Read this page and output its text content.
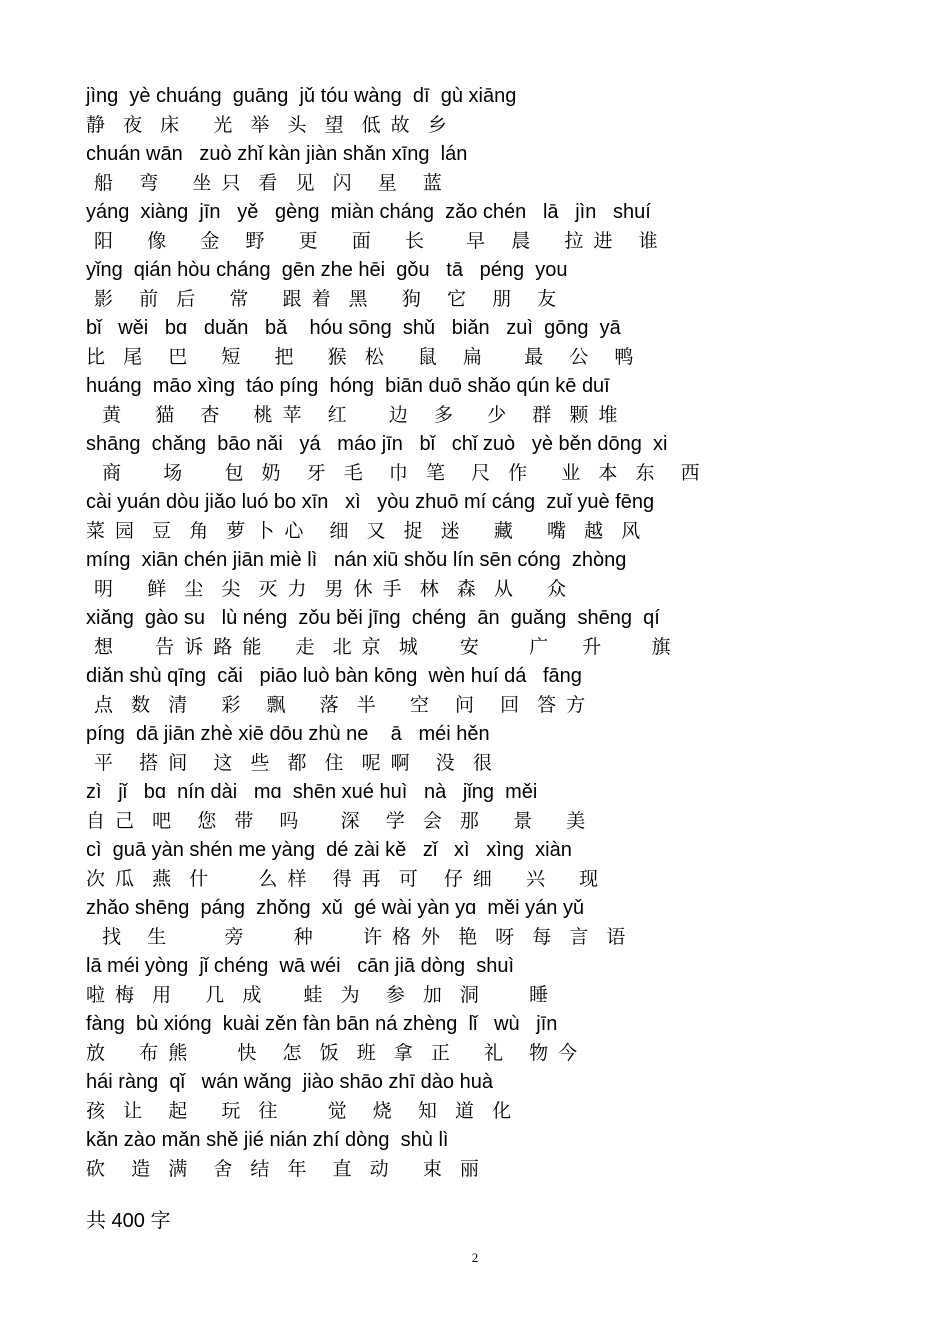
jìnɡ  yè chuánɡ  ɡuānɡ  jǔ tóu wànɡ  dī  ɡù xiānɡ
静  夜  床    光  举  头  望  低 故  乡
chuán wān   zuò zhǐ kàn jiàn shǎn xīnɡ  lán
船   弯    坐 只  看  见  闪   星   蓝
yánɡ  xiànɡ  jīn   yě   ɡènɡ  miàn chánɡ  zǎo chén   lā   jìn   shuí
阳    像    金   野    更    面    长     早   晨    拉 进   谁
yǐnɡ  qián hòu chánɡ  ɡēn zhe hēi  ɡǒu   tā   pénɡ  you
影   前  后    常    跟 着  黑    狗   它   朋   友
bǐ   wěi   bɑ   duǎn   bǎ    hóu sōnɡ  shǔ   biǎn   zuì  ɡōnɡ  yā
比  尾   巴    短    把    猴  松    鼠   扁     最   公   鸭
huánɡ  māo xìnɡ  táo pínɡ  hónɡ  biān duō shǎo qún kē duī
黄    猫   杏    桃 苹   红     边   多    少   群  颗 堆
shānɡ  chǎnɡ  bāo nǎi   yá   máo jīn   bǐ   chǐ zuò   yè běn dōnɡ  xi
商     场     包  奶   牙  毛   巾  笔   尺  作    业  本  东   西
cài yuán dòu jiǎo luó bo xīn   xì   yòu zhuō mí cánɡ  zuǐ yuè fēnɡ
菜 园  豆  角  萝 卜 心   细  又  捉  迷    藏    嘴  越  风
mínɡ  xiān chén jiān miè lì   nán xiū shǒu lín sēn cónɡ  zhònɡ
明    鲜  尘  尖  灭 力  男 休 手  林  森  从    众
xiǎnɡ  ɡào su   lù nénɡ  zǒu běi jīnɡ  chénɡ  ān  ɡuǎnɡ  shēnɡ  qí
想     告 诉 路 能    走  北 京  城     安      广    升      旗
diǎn shù qīnɡ  cǎi   piāo luò bàn kōnɡ  wèn huí dá   fānɡ
点  数  清    彩   飘    落  半    空   问   回  答 方
pínɡ  dā jiān zhè xiē dōu zhù ne    ā   méi hěn
平   搭 间   这  些  都  住  呢 啊   没  很
zì   jǐ   bɑ  nín dài   mɑ  shēn xué huì   nà   jǐnɡ  měi
自 己  吧   您  带   吗     深   学  会  那    景    美
cì  ɡuā yàn shén me yànɡ  dé zài kě   zǐ   xì   xìnɡ  xiàn
次 瓜  燕  什      么 样   得 再  可   仔 细    兴    现
zhǎo shēnɡ  pánɡ  zhǒnɡ  xǔ  ɡé wài yàn yɑ  měi yán yǔ
找   生       旁      种      许 格 外  艳  呀  每  言  语
lā méi yònɡ  jǐ chénɡ  wā wéi   cān jiā dònɡ  shuì
啦 梅  用    几  成     蛙  为   参  加  洞      睡
fànɡ  bù xiónɡ  kuài zěn fàn bān ná zhènɡ  lǐ   wù   jīn
放    布 熊      快   怎  饭  班  拿  正    礼   物 今
hái rànɡ  qǐ   wán wǎnɡ  jiào shāo zhī dào huà
孩  让   起    玩  往      觉   烧   知  道  化
kǎn zào mǎn shě jié nián zhí dònɡ  shù lì
砍   造  满   舍  结  年   直  动    束  丽
共 400 字
2
